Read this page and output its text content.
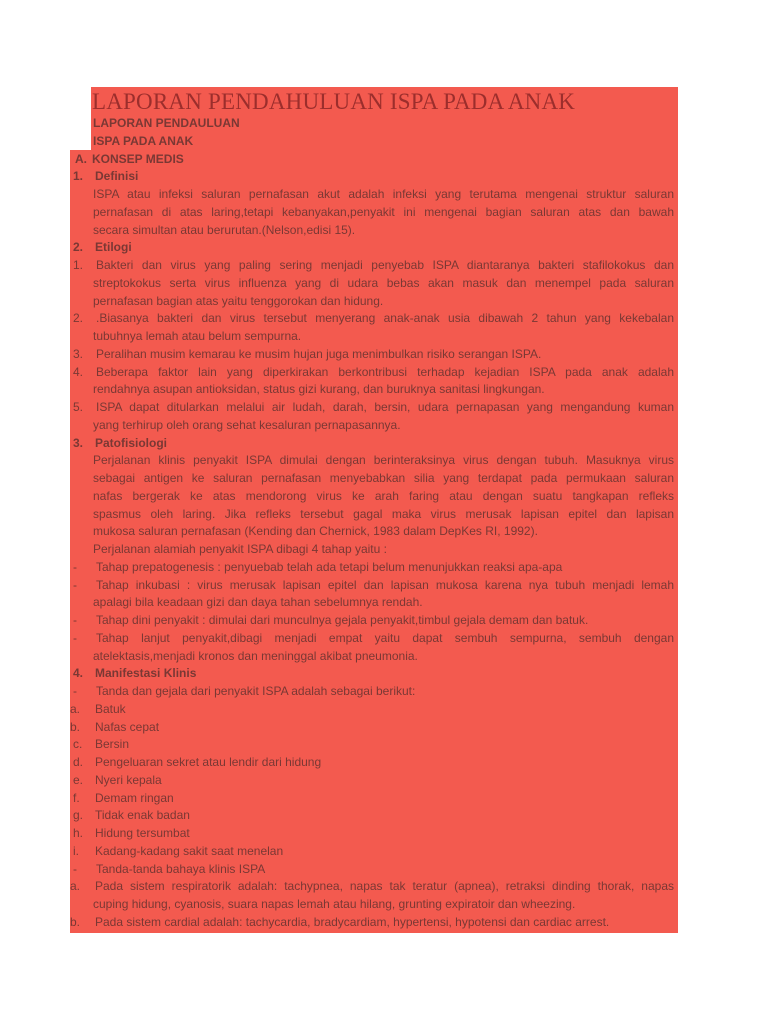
LAPORAN PENDAHULUAN ISPA PADA ANAK
LAPORAN PENDAULUAN
ISPA PADA ANAK
A. KONSEP MEDIS
1. Definisi
ISPA atau infeksi saluran pernafasan akut adalah infeksi yang terutama mengenai struktur saluran
pernafasan di atas laring,tetapi kebanyakan,penyakit ini mengenai bagian saluran atas dan bawah
secara simultan atau berurutan.(Nelson,edisi 15).
2. Etilogi
1. Bakteri dan virus yang paling sering menjadi penyebab ISPA diantaranya bakteri stafilokokus dan
streptokokus serta virus influenza yang di udara bebas akan masuk dan menempel pada saluran
pernafasan bagian atas yaitu tenggorokan dan hidung.
2. .Biasanya bakteri dan virus tersebut menyerang anak-anak usia dibawah 2 tahun yang kekebalan
tubuhnya lemah atau belum sempurna.
3. Peralihan musim kemarau ke musim hujan juga menimbulkan risiko serangan ISPA.
4. Beberapa faktor lain yang diperkirakan berkontribusi terhadap kejadian ISPA pada anak adalah
rendahnya asupan antioksidan, status gizi kurang, dan buruknya sanitasi lingkungan.
5. ISPA dapat ditularkan melalui air ludah, darah, bersin, udara pernapasan yang mengandung kuman
yang terhirup oleh orang sehat kesaluran pernapasannya.
3. Patofisiologi
Perjalanan klinis penyakit ISPA dimulai dengan berinteraksinya virus dengan tubuh. Masuknya virus
sebagai antigen ke saluran pernafasan menyebabkan silia yang terdapat pada permukaan saluran
nafas bergerak ke atas mendorong virus ke arah faring atau dengan suatu tangkapan refleks
spasmus oleh laring. Jika refleks tersebut gagal maka virus merusak lapisan epitel dan lapisan
mukosa saluran pernafasan (Kending dan Chernick, 1983 dalam DepKes RI, 1992).
Perjalanan alamiah penyakit ISPA dibagi 4 tahap yaitu :
- Tahap prepatogenesis : penyuebab telah ada tetapi belum menunjukkan reaksi apa-apa
- Tahap inkubasi : virus merusak lapisan epitel dan lapisan mukosa karena nya tubuh menjadi lemah
apalagi bila keadaan gizi dan daya tahan sebelumnya rendah.
- Tahap dini penyakit : dimulai dari munculnya gejala penyakit,timbul gejala demam dan batuk.
- Tahap lanjut penyakit,dibagi menjadi empat yaitu dapat sembuh sempurna, sembuh dengan
atelektasis,menjadi kronos dan meninggal akibat pneumonia.
4. Manifestasi Klinis
- Tanda dan gejala dari penyakit ISPA adalah sebagai berikut:
a. Batuk
b. Nafas cepat
c. Bersin
d. Pengeluaran sekret atau lendir dari hidung
e. Nyeri kepala
f. Demam ringan
g. Tidak enak badan
h. Hidung tersumbat
i. Kadang-kadang sakit saat menelan
- Tanda-tanda bahaya klinis ISPA
a. Pada sistem respiratorik adalah: tachypnea, napas tak teratur (apnea), retraksi dinding thorak, napas
cuping hidung, cyanosis, suara napas lemah atau hilang, grunting expiratoir dan wheezing.
b. Pada sistem cardial adalah: tachycardia, bradycardiam, hypertensi, hypotensi dan cardiac arrest.
